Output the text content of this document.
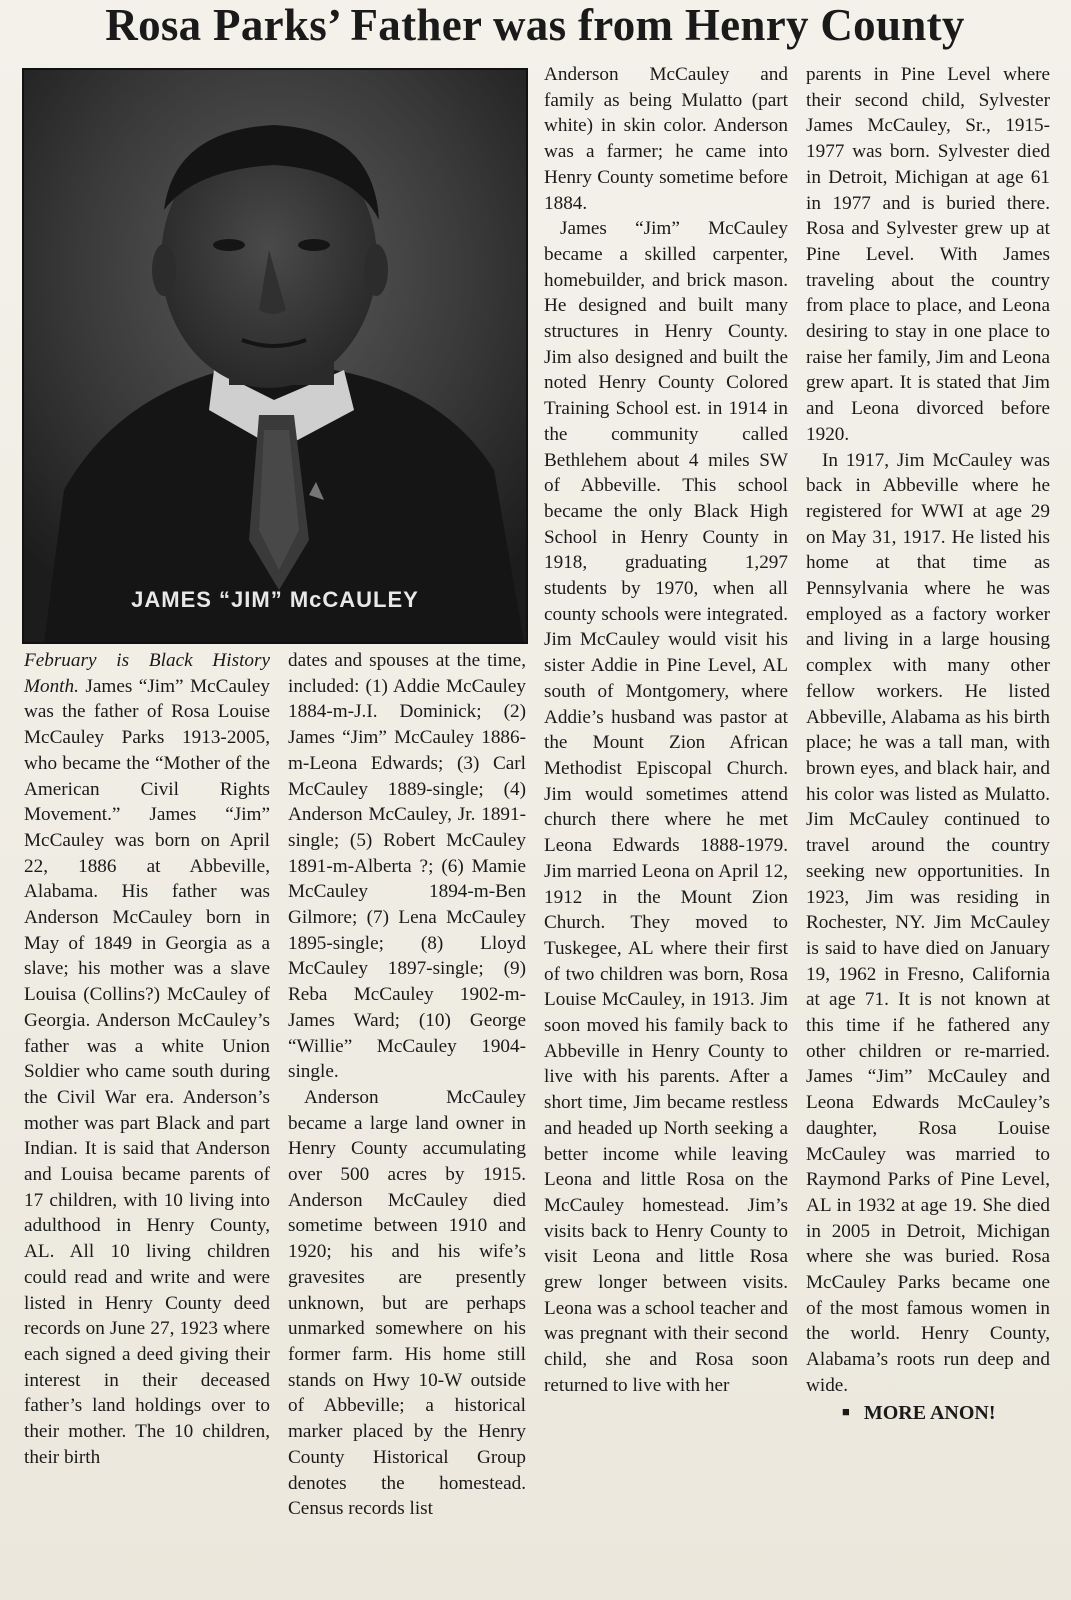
Rosa Parks’ Father was from Henry County
JAMES “JIM” McCAULEY

February is Black History Month. James “Jim” McCauley was the father of Rosa Louise McCauley Parks 1913-2005, who became the “Mother of the American Civil Rights Movement.” James “Jim” McCauley was born on April 22, 1886 at Abbeville, Alabama. His father was Anderson McCauley born in May of 1849 in Georgia as a slave; his mother was a slave Louisa (Collins?) McCauley of Georgia. Anderson McCauley’s father was a white Union Soldier who came south during the Civil War era. Anderson’s mother was part Black and part Indian. It is said that Anderson and Louisa became parents of 17 children, with 10 living into adulthood in Henry County, AL. All 10 living children could read and write and were listed in Henry County deed records on June 27, 1923 where each signed a deed giving their interest in their deceased father’s land holdings over to their mother. The 10 children, their birth

dates and spouses at the time, included: (1) Addie McCauley 1884-m-J.I. Dominick; (2) James “Jim” McCauley 1886-m-Leona Edwards; (3) Carl McCauley 1889-single; (4) Anderson McCauley, Jr. 1891-single; (5) Robert McCauley 1891-m-Alberta ?; (6) Mamie McCauley 1894-m-Ben Gilmore; (7) Lena McCauley 1895-single; (8) Lloyd McCauley 1897-single; (9) Reba McCauley 1902-m-James Ward; (10) George “Willie” McCauley 1904-single.

Anderson McCauley became a large land owner in Henry County accumulating over 500 acres by 1915. Anderson McCauley died sometime between 1910 and 1920; his and his wife’s gravesites are presently unknown, but are perhaps unmarked somewhere on his former farm. His home still stands on Hwy 10-W outside of Abbeville; a historical marker placed by the Henry County Historical Group denotes the homestead. Census records list

Anderson McCauley and family as being Mulatto (part white) in skin color. Anderson was a farmer; he came into Henry County sometime before 1884.

James “Jim” McCauley became a skilled carpenter, homebuilder, and brick mason. He designed and built many structures in Henry County. Jim also designed and built the noted Henry County Colored Training School est. in 1914 in the community called Bethlehem about 4 miles SW of Abbeville. This school became the only Black High School in Henry County in 1918, graduating 1,297 students by 1970, when all county schools were integrated. Jim McCauley would visit his sister Addie in Pine Level, AL south of Montgomery, where Addie’s husband was pastor at the Mount Zion African Methodist Episcopal Church. Jim would sometimes attend church there where he met Leona Edwards 1888-1979. Jim married Leona on April 12, 1912 in the Mount Zion Church. They moved to Tuskegee, AL where their first of two children was born, Rosa Louise McCauley, in 1913. Jim soon moved his family back to Abbeville in Henry County to live with his parents. After a short time, Jim became restless and headed up North seeking a better income while leaving Leona and little Rosa on the McCauley homestead. Jim’s visits back to Henry County to visit Leona and little Rosa grew longer between visits. Leona was a school teacher and was pregnant with their second child, she and Rosa soon returned to live with her

parents in Pine Level where their second child, Sylvester James McCauley, Sr., 1915-1977 was born. Sylvester died in Detroit, Michigan at age 61 in 1977 and is buried there. Rosa and Sylvester grew up at Pine Level. With James traveling about the country from place to place, and Leona desiring to stay in one place to raise her family, Jim and Leona grew apart. It is stated that Jim and Leona divorced before 1920.

In 1917, Jim McCauley was back in Abbeville where he registered for WWI at age 29 on May 31, 1917. He listed his home at that time as Pennsylvania where he was employed as a factory worker and living in a large housing complex with many other fellow workers. He listed Abbeville, Alabama as his birth place; he was a tall man, with brown eyes, and black hair, and his color was listed as Mulatto. Jim McCauley continued to travel around the country seeking new opportunities. In 1923, Jim was residing in Rochester, NY. Jim McCauley is said to have died on January 19, 1962 in Fresno, California at age 71. It is not known at this time if he fathered any other children or re-married. James “Jim” McCauley and Leona Edwards McCauley’s daughter, Rosa Louise McCauley was married to Raymond Parks of Pine Level, AL in 1932 at age 19. She died in 2005 in Detroit, Michigan where she was buried. Rosa McCauley Parks became one of the most famous women in the world. Henry County, Alabama’s roots run deep and wide.

■ MORE ANON!
